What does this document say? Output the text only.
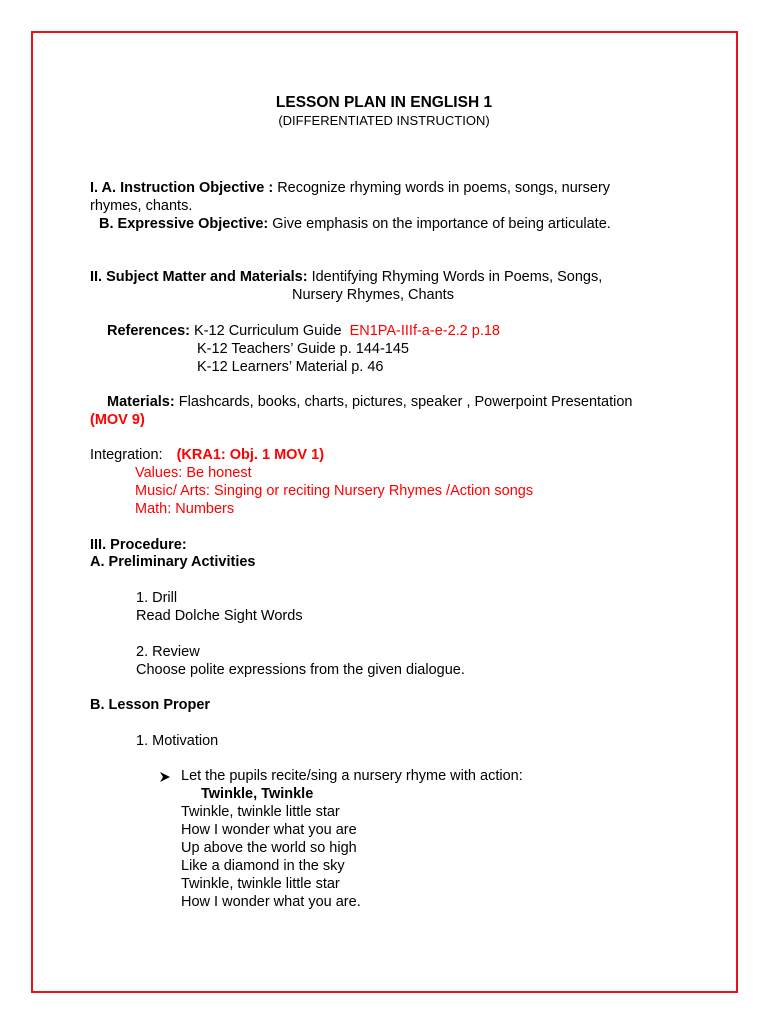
LESSON PLAN IN ENGLISH 1
(DIFFERENTIATED INSTRUCTION)
I. A. Instruction Objective : Recognize rhyming words in poems, songs, nursery
rhymes, chants.
B. Expressive Objective: Give emphasis on the importance of being articulate.
II. Subject Matter and Materials: Identifying Rhyming Words in Poems, Songs,
Nursery Rhymes, Chants
References: K-12 Curriculum Guide EN1PA-IIIf-a-e-2.2 p.18
K-12 Teachers’ Guide p. 144-145
K-12 Learners’ Material p. 46
Materials: Flashcards, books, charts, pictures, speaker , Powerpoint Presentation
(MOV 9)
Integration: (KRA1: Obj. 1 MOV 1)
Values: Be honest
Music/ Arts: Singing or reciting Nursery Rhymes /Action songs
Math: Numbers
III. Procedure:
A. Preliminary Activities
1. Drill
Read Dolche Sight Words
2. Review
Choose polite expressions from the given dialogue.
B. Lesson Proper
1. Motivation
Let the pupils recite/sing a nursery rhyme with action:
Twinkle, Twinkle
Twinkle, twinkle little star
How I wonder what you are
Up above the world so high
Like a diamond in the sky
Twinkle, twinkle little star
How I wonder what you are.
